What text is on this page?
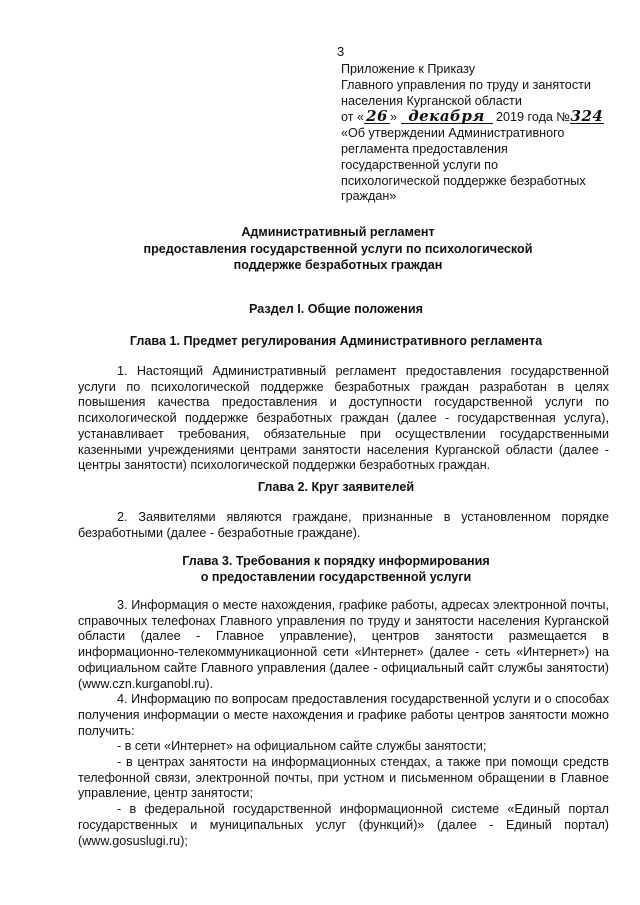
3
Приложение к Приказу
Главного управления по труду и занятости
населения Курганской области
от « 26 » декабря 2019 года №324
«Об утверждении Административного
регламента предоставления
государственной услуги по
психологической поддержке безработных
граждан»
Административный регламент
предоставления государственной услуги по психологической
поддержке безработных граждан
Раздел I. Общие положения
Глава 1. Предмет регулирования Административного регламента

1. Настоящий Административный регламент предоставления государственной услуги по психологической поддержке безработных граждан разработан в целях повышения качества предоставления и доступности государственной услуги по психологической поддержке безработных граждан (далее - государственная услуга), устанавливает требования, обязательные при осуществлении государственными казенными учреждениями центрами занятости населения Курганской области (далее - центры занятости) психологической поддержки безработных граждан.

Глава 2. Круг заявителей

2. Заявителями являются граждане, признанные в установленном порядке безработными (далее - безработные граждане).

Глава 3. Требования к порядку информирования
о предоставлении государственной услуги

3. Информация о месте нахождения, графике работы, адресах электронной почты, справочных телефонах Главного управления по труду и занятости населения Курганской области (далее - Главное управление), центров занятости размещается в информационно-телекоммуникационной сети «Интернет» (далее - сеть «Интернет») на официальном сайте Главного управления (далее - официальный сайт службы занятости) (www.czn.kurganobl.ru).

4. Информацию по вопросам предоставления государственной услуги и о способах получения информации о месте нахождения и графике работы центров занятости можно получить:

- в сети «Интернет» на официальном сайте службы занятости;

- в центрах занятости на информационных стендах, а также при помощи средств телефонной связи, электронной почты, при устном и письменном обращении в Главное управление, центр занятости;

- в федеральной государственной информационной системе «Единый портал государственных и муниципальных услуг (функций)» (далее - Единый портал) (www.gosuslugi.ru);
